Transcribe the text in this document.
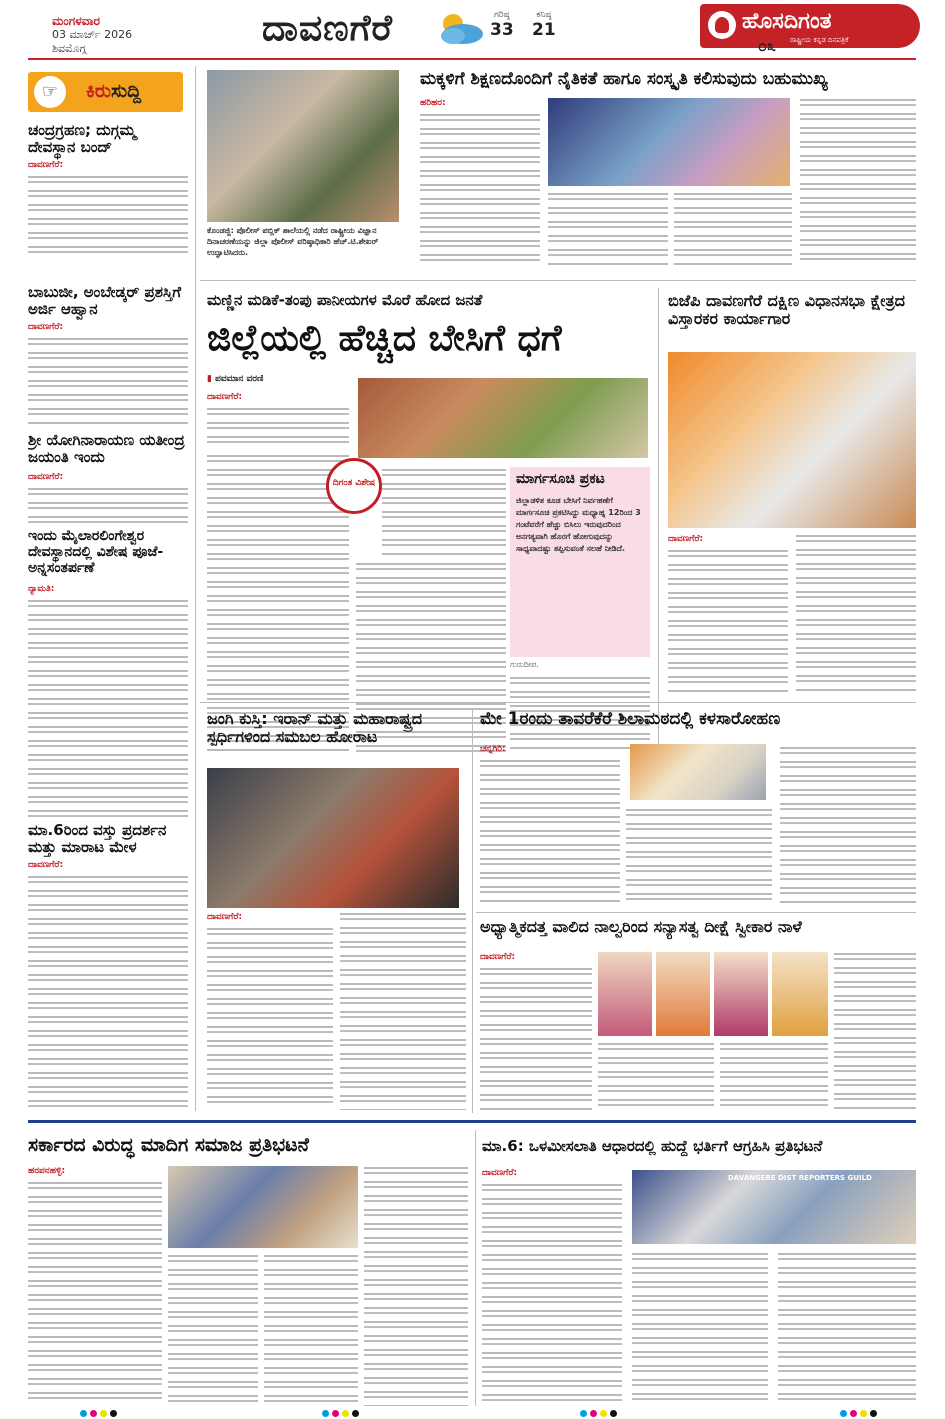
ಮಂಗಳವಾರ
03 ಮಾರ್ಚ್ 2026
ಶಿವಮೊಗ್ಗ	ದಾವಣಗೆರೆ	ಗರಿಷ್ಠ
33
ಕನಿಷ್ಠ
21	ಹೊಸದಿಗಂತ
ರಾಷ್ಟ್ರೀಯ ಕನ್ನಡ ದಿನಪತ್ರಿಕೆ
೦೩
☞	ಕಿರುಸುದ್ದಿ
ಚಂದ್ರಗ್ರಹಣ; ದುಗ್ಗಮ್ಮ ದೇವಸ್ಥಾನ ಬಂದ್
ದಾವಣಗೆರೆ:
ಬಾಬುಜೀ, ಅಂಬೇಡ್ಕರ್ ಪ್ರಶಸ್ತಿಗೆ ಅರ್ಜಿ ಆಹ್ವಾನ
ದಾವಣಗೆರೆ:
ಶ್ರೀ ಯೋಗಿನಾರಾಯಣ ಯತೀಂದ್ರ ಜಯಂತಿ ಇಂದು
ದಾವಣಗೆರೆ:
ಇಂದು ಮೈಲಾರಲಿಂಗೇಶ್ವರ ದೇವಸ್ಥಾನದಲ್ಲಿ ವಿಶೇಷ ಪೂಜೆ-ಅನ್ನಸಂತರ್ಪಣೆ
ನ್ಯಾಮತಿ:
ಮಾ.6ರಿಂದ ವಸ್ತು ಪ್ರದರ್ಶನ ಮತ್ತು ಮಾರಾಟ ಮೇಳ
ದಾವಣಗೆರೆ:
ಕೊಂಡಜ್ಜಿ: ಪೊಲೀಸ್ ಪಬ್ಲಿಕ್ ಶಾಲೆಯಲ್ಲಿ ನಡೆದ ರಾಷ್ಟ್ರೀಯ ವಿಜ್ಞಾನ ದಿನಾಚರಣೆಯನ್ನು ಜಿಲ್ಲಾ ಪೊಲೀಸ್ ವರಿಷ್ಠಾಧಿಕಾರಿ ಹೆಚ್.ಟಿ.ಶೇಖರ್ ಉದ್ಘಾಟಿಸಿದರು.
ಮಕ್ಕಳಿಗೆ ಶಿಕ್ಷಣದೊಂದಿಗೆ ನೈತಿಕತೆ ಹಾಗೂ ಸಂಸ್ಕೃತಿ ಕಲಿಸುವುದು ಬಹುಮುಖ್ಯ
ಹರಿಹರ:
ಮಣ್ಣಿನ ಮಡಿಕೆ-ತಂಪು ಪಾನೀಯಗಳ ಮೊರೆ ಹೋದ ಜನತೆ
ಜಿಲ್ಲೆಯಲ್ಲಿ ಹೆಚ್ಚಿದ ಬೇಸಿಗೆ ಧಗೆ
▮ ಪವಮಾನ ವರಣಿ
ದಾವಣಗೆರೆ:
ದಿಗಂತ ವಿಶೇಷ	ಮಾರ್ಗಸೂಚಿ ಪ್ರಕಟ
ಜಿಲ್ಲಾಡಳಿತ ಕೂಡ ಬೇಸಿಗೆ ನಿರ್ವಹಣೆಗೆ ಮಾರ್ಗಸೂಚಿ ಪ್ರಕಟಿಸಿದ್ದು ಮಧ್ಯಾಹ್ನ 12ರಿಂದ 3 ಗಂಟೆವರೆಗೆ ಹೆಚ್ಚು ಬಿಸಿಲು ಇರುವುದರಿಂದ ಅನಗತ್ಯವಾಗಿ ಹೊರಗೆ ಹೋಗುವುದನ್ನು ಸಾಧ್ಯವಾದಷ್ಟು ತಪ್ಪಿಸುವಂತೆ ಸಲಹೆ ನೀಡಿದೆ.
ಗುರುದೀಪ.
ಬಿಜೆಪಿ ದಾವಣಗೆರೆ ದಕ್ಷಿಣ ವಿಧಾನಸಭಾ ಕ್ಷೇತ್ರದ ವಿಸ್ತಾರಕರ ಕಾರ್ಯಾಗಾರ
ದಾವಣಗೆರೆ:
ಜಂಗಿ ಕುಸ್ತಿ: ಇರಾನ್ ಮತ್ತು ಮಹಾರಾಷ್ಟ್ರದ ಸ್ಪರ್ಧಿಗಳಿಂದ ಸಮಬಲ ಹೋರಾಟ
ದಾವಣಗೆರೆ:
ಮೇ 1ರಂದು ತಾವರೆಕೆರೆ ಶಿಲಾಮಠದಲ್ಲಿ ಕಳಸಾರೋಹಣ
ಚನ್ನಗಿರಿ:
ಅಧ್ಯಾತ್ಮಿಕದತ್ತ ವಾಲಿದ ನಾಲ್ವರಿಂದ ಸನ್ಯಾಸತ್ವ ದೀಕ್ಷೆ ಸ್ವೀಕಾರ ನಾಳೆ
ದಾವಣಗೆರೆ:
ಸರ್ಕಾರದ ವಿರುದ್ಧ ಮಾದಿಗ ಸಮಾಜ ಪ್ರತಿಭಟನೆ
ಹರಪನಹಳ್ಳಿ:
ಮಾ.6: ಒಳಮೀಸಲಾತಿ ಆಧಾರದಲ್ಲಿ ಹುದ್ದೆ ಭರ್ತಿಗೆ ಆಗ್ರಹಿಸಿ ಪ್ರತಿಭಟನೆ
ದಾವಣಗೆರೆ:	DAVANGERE DIST REPORTERS GUILD
